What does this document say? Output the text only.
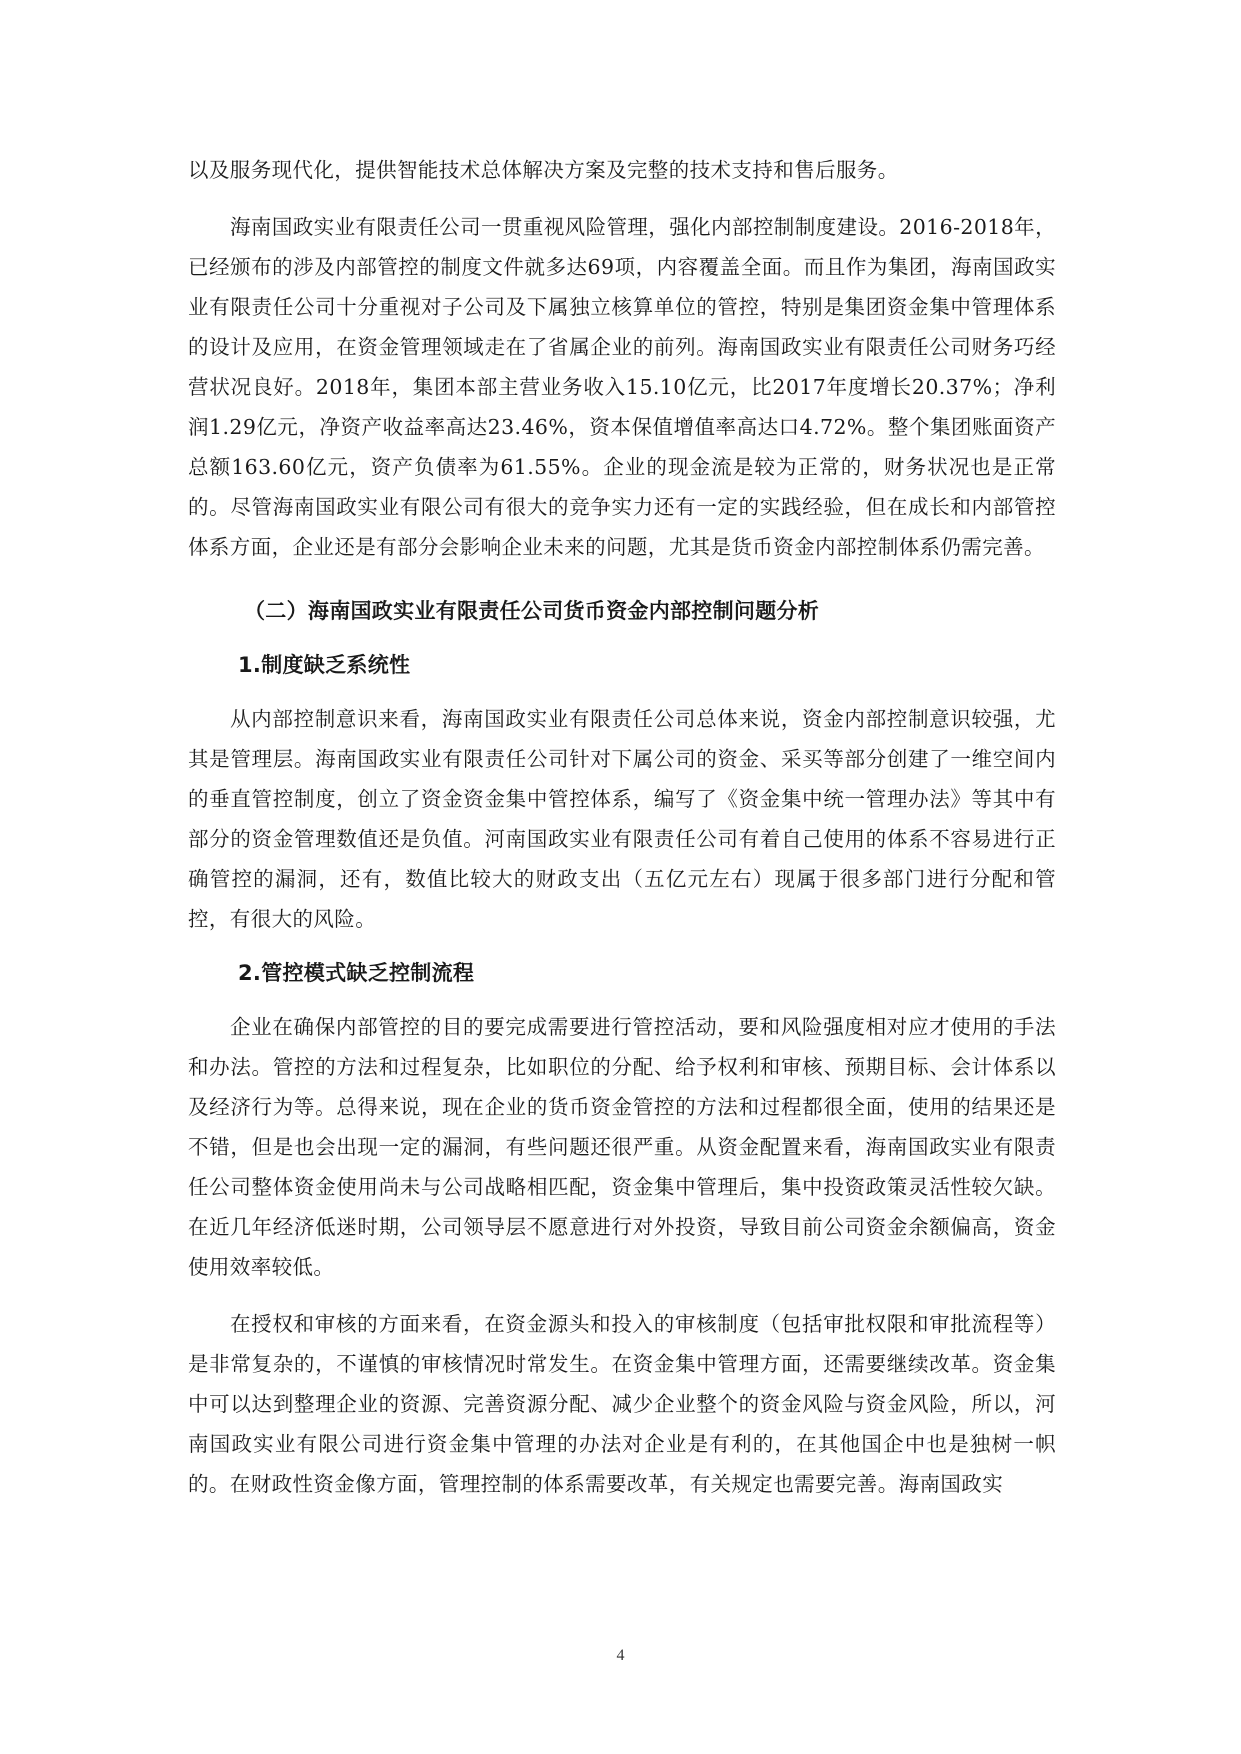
以及服务现代化，提供智能技术总体解决方案及完整的技术支持和售后服务。

海南国政实业有限责任公司一贯重视风险管理，强化内部控制制度建设。2016-2018年，已经颁布的涉及内部管控的制度文件就多达69项，内容覆盖全面。而且作为集团，海南国政实业有限责任公司十分重视对子公司及下属独立核算单位的管控，特别是集团资金集中管理体系的设计及应用，在资金管理领域走在了省属企业的前列。海南国政实业有限责任公司财务巧经营状况良好。2018年，集团本部主营业务收入15.10亿元，比2017年度增长20.37%；净利润1.29亿元，净资产收益率高达23.46%，资本保值增值率高达口4.72%。整个集团账面资产总额163.60亿元，资产负债率为61.55%。企业的现金流是较为正常的，财务状况也是正常的。尽管海南国政实业有限公司有很大的竞争实力还有一定的实践经验，但在成长和内部管控体系方面，企业还是有部分会影响企业未来的问题，尤其是货币资金内部控制体系仍需完善。

（二）海南国政实业有限责任公司货币资金内部控制问题分析
1.制度缺乏系统性

从内部控制意识来看，海南国政实业有限责任公司总体来说，资金内部控制意识较强，尤其是管理层。海南国政实业有限责任公司针对下属公司的资金、采买等部分创建了一维空间内的垂直管控制度，创立了资金资金集中管控体系，编写了《资金集中统一管理办法》等其中有部分的资金管理数值还是负值。河南国政实业有限责任公司有着自己使用的体系不容易进行正确管控的漏洞，还有，数值比较大的财政支出（五亿元左右）现属于很多部门进行分配和管控，有很大的风险。

2.管控模式缺乏控制流程

企业在确保内部管控的目的要完成需要进行管控活动，要和风险强度相对应才使用的手法和办法。管控的方法和过程复杂，比如职位的分配、给予权利和审核、预期目标、会计体系以及经济行为等。总得来说，现在企业的货币资金管控的方法和过程都很全面，使用的结果还是不错，但是也会出现一定的漏洞，有些问题还很严重。从资金配置来看，海南国政实业有限责任公司整体资金使用尚未与公司战略相匹配，资金集中管理后，集中投资政策灵活性较欠缺。在近几年经济低迷时期，公司领导层不愿意进行对外投资，导致目前公司资金余额偏高，资金使用效率较低。

在授权和审核的方面来看，在资金源头和投入的审核制度（包括审批权限和审批流程等）是非常复杂的，不谨慎的审核情况时常发生。在资金集中管理方面，还需要继续改革。资金集中可以达到整理企业的资源、完善资源分配、减少企业整个的资金风险与资金风险，所以，河南国政实业有限公司进行资金集中管理的办法对企业是有利的，在其他国企中也是独树一帜的。在财政性资金像方面，管理控制的体系需要改革，有关规定也需要完善。海南国政实

4
